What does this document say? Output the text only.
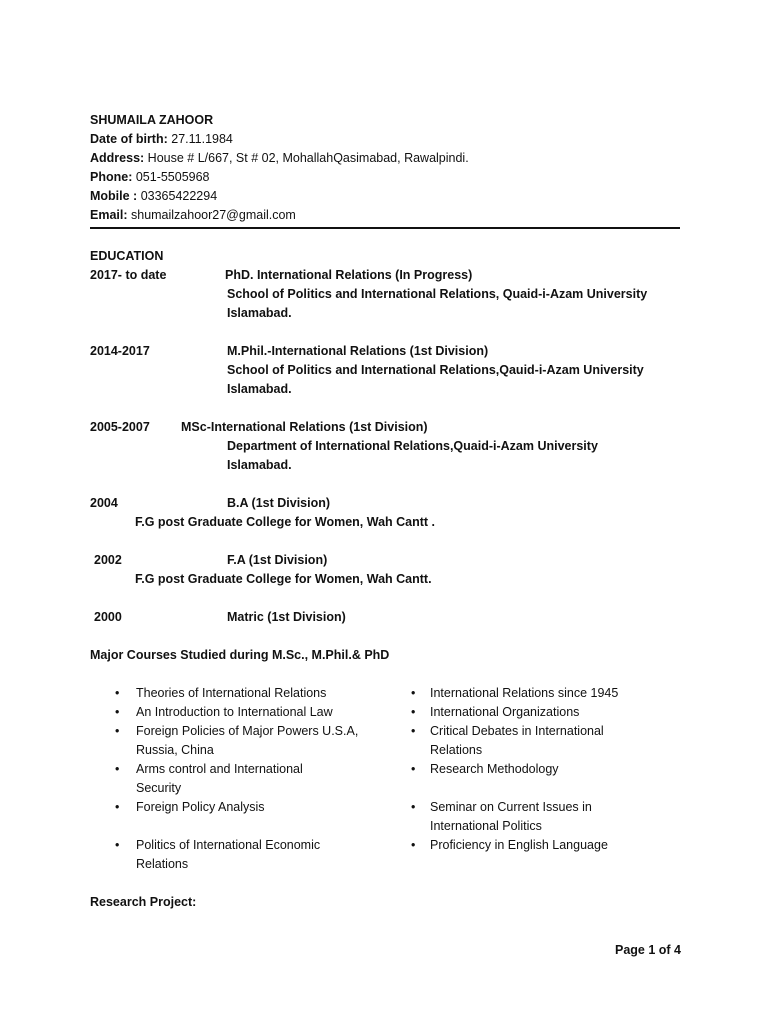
SHUMAILA ZAHOOR
Date of birth: 27.11.1984
Address: House # L/667, St # 02, MohallahQasimabad, Rawalpindi.
Phone: 051-5505968
Mobile : 03365422294
Email: shumailzahoor27@gmail.com
EDUCATION
2017- to date	PhD. International Relations (In Progress)
School of Politics and International Relations, Quaid-i-Azam University
Islamabad.
2014-2017	M.Phil.-International Relations (1st Division)
School of Politics and International Relations,Qauid-i-Azam University
Islamabad.
2005-2007 MSc-International Relations (1st Division)
Department of International Relations,Quaid-i-Azam University
Islamabad.
2004	B.A (1st Division)
F.G post Graduate College for Women, Wah Cantt .
2002	F.A (1st Division)
F.G post Graduate College for Women, Wah Cantt.
2000	Matric (1st Division)
Major Courses Studied during M.Sc., M.Phil.& PhD
• Theories of International Relations
• An Introduction to International Law
• Foreign Policies of Major Powers U.S.A,
Russia, China
• Arms control and International
Security
• Foreign Policy Analysis
• Politics of International Economic
Relations
• International Relations since 1945
• International Organizations
• Critical Debates in International
Relations
• Research Methodology
• Seminar on Current Issues in
International Politics
• Proficiency in English Language
Research Project:
Page 1 of 4
